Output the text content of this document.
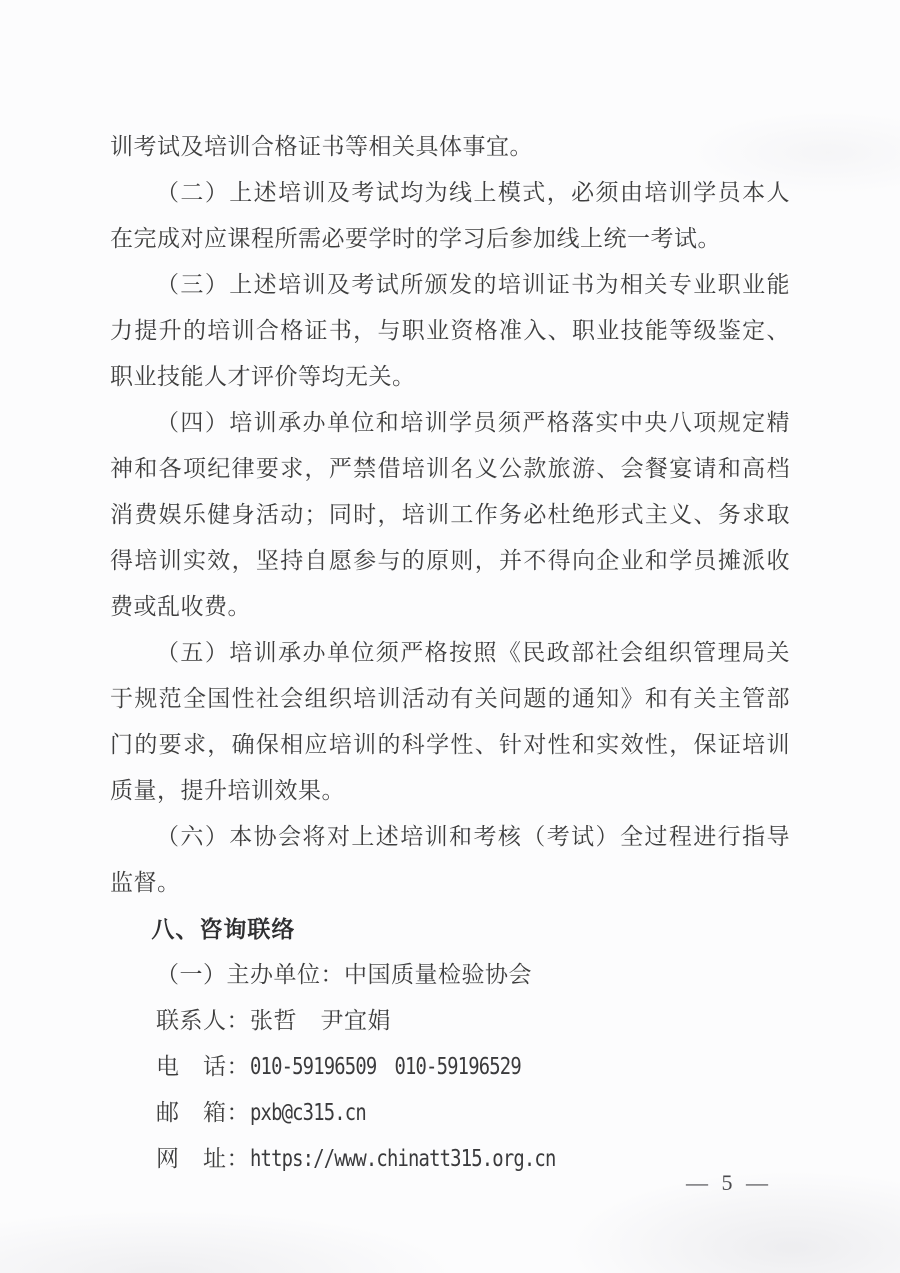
训考试及培训合格证书等相关具体事宜。

（二）上述培训及考试均为线上模式，必须由培训学员本人在完成对应课程所需必要学时的学习后参加线上统一考试。

（三）上述培训及考试所颁发的培训证书为相关专业职业能力提升的培训合格证书，与职业资格准入、职业技能等级鉴定、职业技能人才评价等均无关。

（四）培训承办单位和培训学员须严格落实中央八项规定精神和各项纪律要求，严禁借培训名义公款旅游、会餐宴请和高档消费娱乐健身活动；同时，培训工作务必杜绝形式主义、务求取得培训实效，坚持自愿参与的原则，并不得向企业和学员摊派收费或乱收费。

（五）培训承办单位须严格按照《民政部社会组织管理局关于规范全国性社会组织培训活动有关问题的通知》和有关主管部门的要求，确保相应培训的科学性、针对性和实效性，保证培训质量，提升培训效果。

（六）本协会将对上述培训和考核（考试）全过程进行指导监督。

八、咨询联络

（一）主办单位：中国质量检验协会

联系人：张哲　尹宜娟

电　话：010-59196509　010-59196529

邮　箱：pxb@c315.cn

网　址：https://www.chinatt315.org.cn

— 5 —
